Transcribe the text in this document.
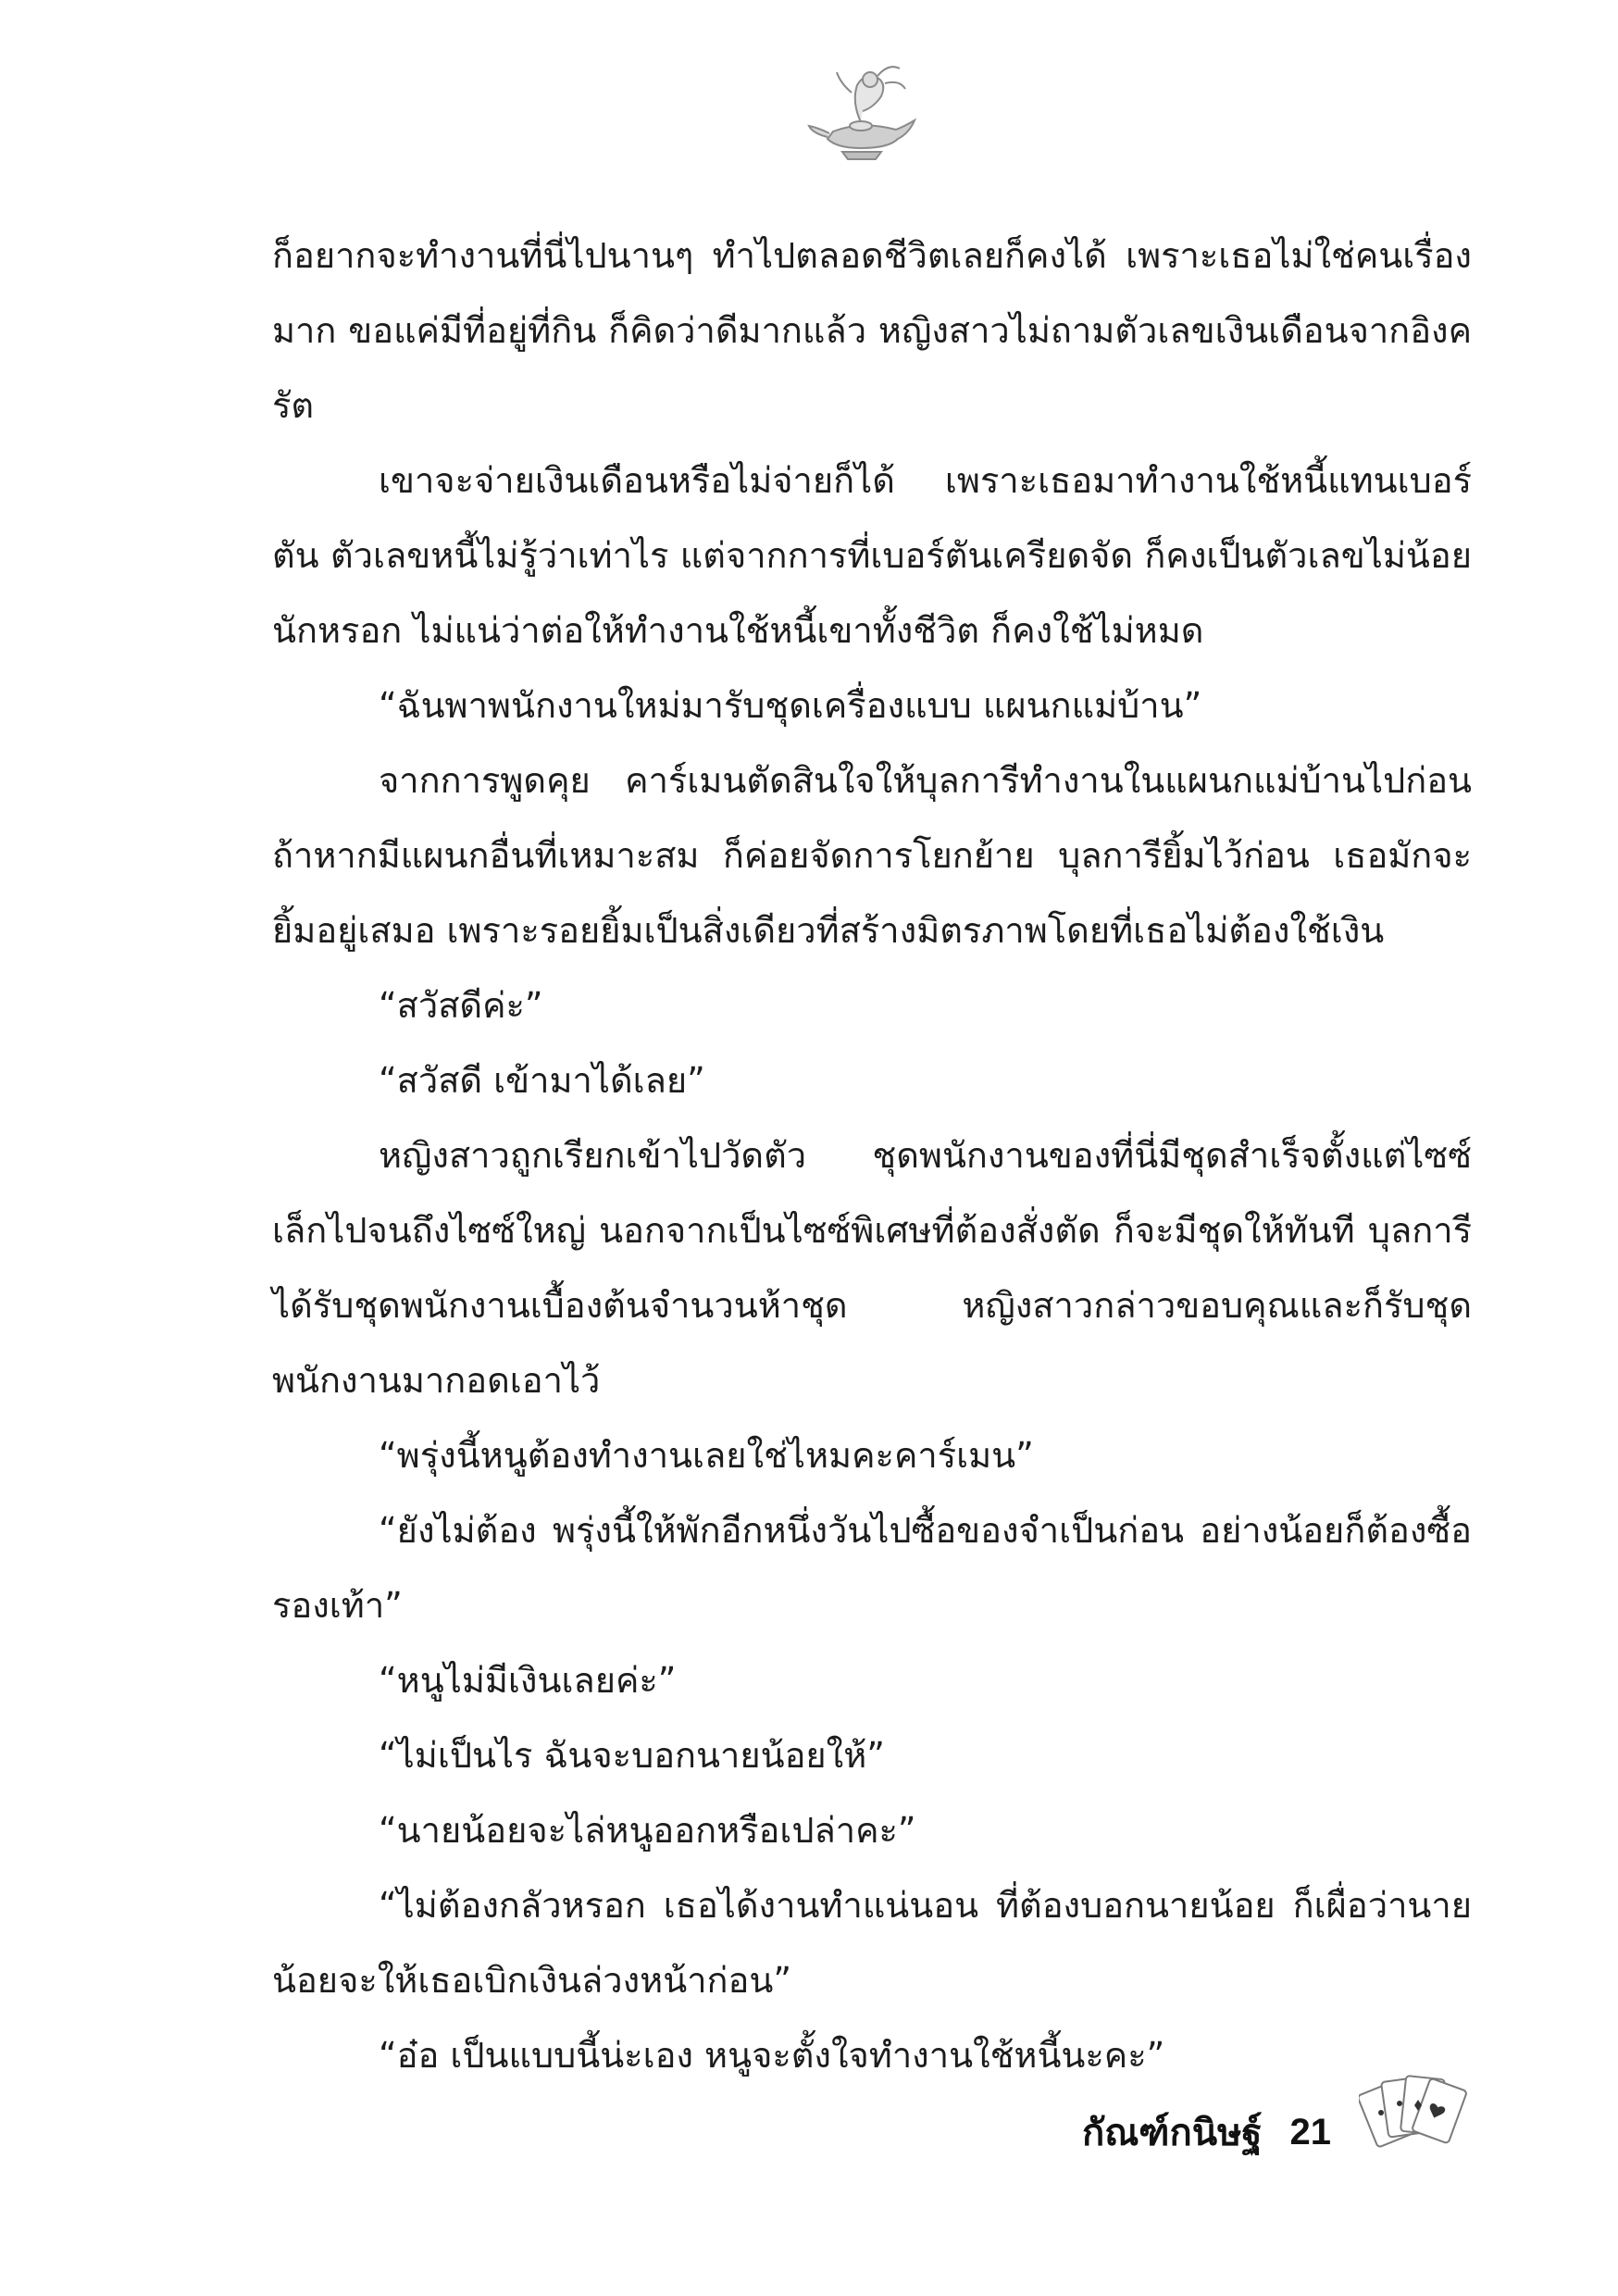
ก็อยากจะทำงานที่นี่ไปนานๆ ทำไปตลอดชีวิตเลยก็คงได้ เพราะเธอไม่ใช่คนเรื่องมาก ขอแค่มีที่อยู่ที่กิน ก็คิดว่าดีมากแล้ว หญิงสาวไม่ถามตัวเลขเงินเดือนจากอิงครัต

เขาจะจ่ายเงินเดือนหรือไม่จ่ายก็ได้ เพราะเธอมาทำงานใช้หนี้แทนเบอร์ตัน ตัวเลขหนี้ไม่รู้ว่าเท่าไร แต่จากการที่เบอร์ตันเครียดจัด ก็คงเป็นตัวเลขไม่น้อยนักหรอก ไม่แน่ว่าต่อให้ทำงานใช้หนี้เขาทั้งชีวิต ก็คงใช้ไม่หมด

“ฉันพาพนักงานใหม่มารับชุดเครื่องแบบ แผนกแม่บ้าน”

จากการพูดคุย คาร์เมนตัดสินใจให้บุลการีทำงานในแผนกแม่บ้านไปก่อน ถ้าหากมีแผนกอื่นที่เหมาะสม ก็ค่อยจัดการโยกย้าย บุลการียิ้มไว้ก่อน เธอมักจะยิ้มอยู่เสมอ เพราะรอยยิ้มเป็นสิ่งเดียวที่สร้างมิตรภาพโดยที่เธอไม่ต้องใช้เงิน

“สวัสดีค่ะ”

“สวัสดี เข้ามาได้เลย”

หญิงสาวถูกเรียกเข้าไปวัดตัว ชุดพนักงานของที่นี่มีชุดสำเร็จตั้งแต่ไซซ์เล็กไปจนถึงไซซ์ใหญ่ นอกจากเป็นไซซ์พิเศษที่ต้องสั่งตัด ก็จะมีชุดให้ทันที บุลการีได้รับชุดพนักงานเบื้องต้นจำนวนห้าชุด หญิงสาวกล่าวขอบคุณและก็รับชุดพนักงานมากอดเอาไว้

“พรุ่งนี้หนูต้องทำงานเลยใช่ไหมคะคาร์เมน”

“ยังไม่ต้อง พรุ่งนี้ให้พักอีกหนึ่งวันไปซื้อของจำเป็นก่อน อย่างน้อยก็ต้องซื้อรองเท้า”

“หนูไม่มีเงินเลยค่ะ”

“ไม่เป็นไร ฉันจะบอกนายน้อยให้”

“นายน้อยจะไล่หนูออกหรือเปล่าคะ”

“ไม่ต้องกลัวหรอก เธอได้งานทำแน่นอน ที่ต้องบอกนายน้อย ก็เผื่อว่านายน้อยจะให้เธอเบิกเงินล่วงหน้าก่อน”

“อ๋อ เป็นแบบนี้น่ะเอง หนูจะตั้งใจทำงานใช้หนี้นะคะ”

กัณฑ์กนิษฐ์ 21
